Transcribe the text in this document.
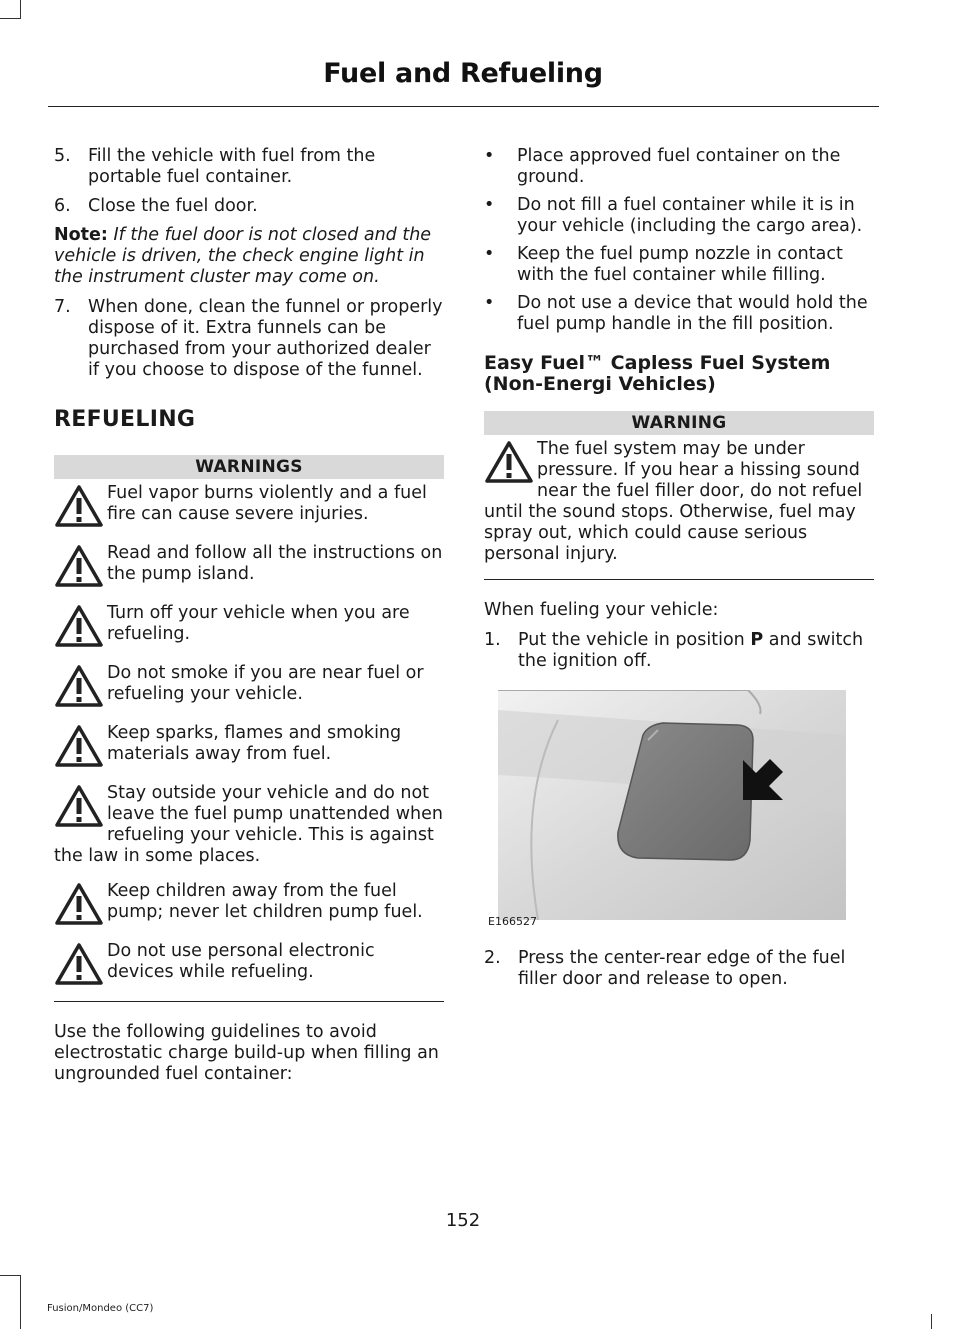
Fuel and Refueling
5. Fill the vehicle with fuel from the portable fuel container.
6. Close the fuel door.
Note: If the fuel door is not closed and the vehicle is driven, the check engine light in the instrument cluster may come on.
7. When done, clean the funnel or properly dispose of it. Extra funnels can be purchased from your authorized dealer if you choose to dispose of the funnel.
REFUELING
WARNINGS
Fuel vapor burns violently and a fuel fire can cause severe injuries.
Read and follow all the instructions on the pump island.
Turn off your vehicle when you are refueling.
Do not smoke if you are near fuel or refueling your vehicle.
Keep sparks, flames and smoking materials away from fuel.
Stay outside your vehicle and do not leave the fuel pump unattended when refueling your vehicle. This is against the law in some places.
Keep children away from the fuel pump; never let children pump fuel.
Do not use personal electronic devices while refueling.
Use the following guidelines to avoid electrostatic charge build-up when filling an ungrounded fuel container:
•	Place approved fuel container on the ground.
•	Do not fill a fuel container while it is in your vehicle (including the cargo area).
•	Keep the fuel pump nozzle in contact with the fuel container while filling.
•	Do not use a device that would hold the fuel pump handle in the fill position.
Easy Fuel™ Capless Fuel System (Non-Energi Vehicles)
WARNING
The fuel system may be under pressure. If you hear a hissing sound near the fuel filler door, do not refuel until the sound stops. Otherwise, fuel may spray out, which could cause serious personal injury.
When fueling your vehicle:
1. Put the vehicle in position P and switch the ignition off.
E166527
2. Press the center-rear edge of the fuel filler door and release to open.
152
Fusion/Mondeo (CC7)
